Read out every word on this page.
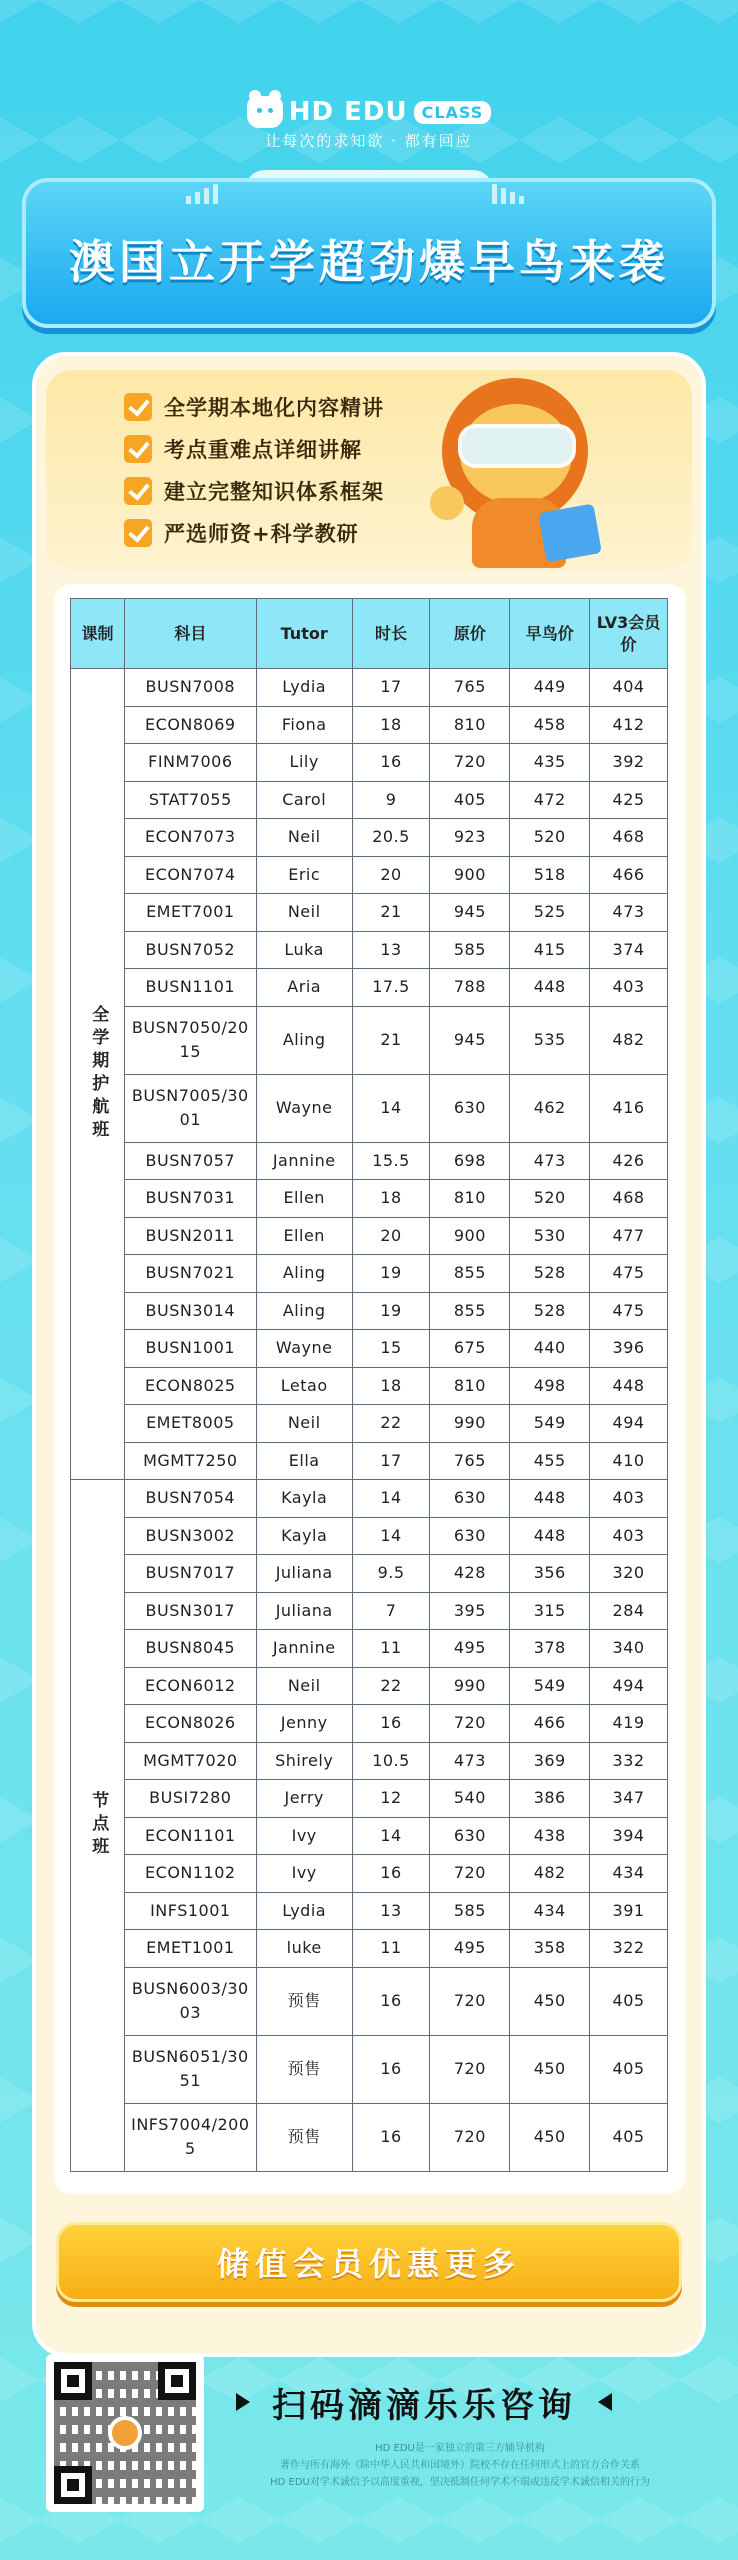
HD EDU CLASS
让每次的求知欲 · 都有回应
澳国立开学超劲爆早鸟来袭
全学期本地化内容精讲
考点重难点详细讲解
建立完整知识体系框架
严选师资+科学教研
课制	科目	Tutor	时长	原价	早鸟价	LV3会员价
全学期护航班	BUSN7008	Lydia	17	765	449	404
	ECON8069	Fiona	18	810	458	412
	FINM7006	Lily	16	720	435	392
	STAT7055	Carol	9	405	472	425
	ECON7073	Neil	20.5	923	520	468
	ECON7074	Eric	20	900	518	466
	EMET7001	Neil	21	945	525	473
	BUSN7052	Luka	13	585	415	374
	BUSN1101	Aria	17.5	788	448	403
	BUSN7050/2015	Aling	21	945	535	482
	BUSN7005/3001	Wayne	14	630	462	416
	BUSN7057	Jannine	15.5	698	473	426
	BUSN7031	Ellen	18	810	520	468
	BUSN2011	Ellen	20	900	530	477
	BUSN7021	Aling	19	855	528	475
	BUSN3014	Aling	19	855	528	475
	BUSN1001	Wayne	15	675	440	396
	ECON8025	Letao	18	810	498	448
	EMET8005	Neil	22	990	549	494
	MGMT7250	Ella	17	765	455	410
节点班	BUSN7054	Kayla	14	630	448	403
	BUSN3002	Kayla	14	630	448	403
	BUSN7017	Juliana	9.5	428	356	320
	BUSN3017	Juliana	7	395	315	284
	BUSN8045	Jannine	11	495	378	340
	ECON6012	Neil	22	990	549	494
	ECON8026	Jenny	16	720	466	419
	MGMT7020	Shirely	10.5	473	369	332
	BUSI7280	Jerry	12	540	386	347
	ECON1101	Ivy	14	630	438	394
	ECON1102	Ivy	16	720	482	434
	INFS1001	Lydia	13	585	434	391
	EMET1001	luke	11	495	358	322
	BUSN6003/3003	预售	16	720	450	405
	BUSN6051/3051	预售	16	720	450	405
	INFS7004/2005	预售	16	720	450	405
储值会员优惠更多
扫码滴滴乐乐咨询
HD EDU是一家独立的第三方辅导机构
著作与所有海外（除中华人民共和国境外）院校不存在任何形式上的官方合作关系
HD EDU对学术诚信予以高度重视，坚决抵制任何学术不端或违反学术诚信相关的行为
